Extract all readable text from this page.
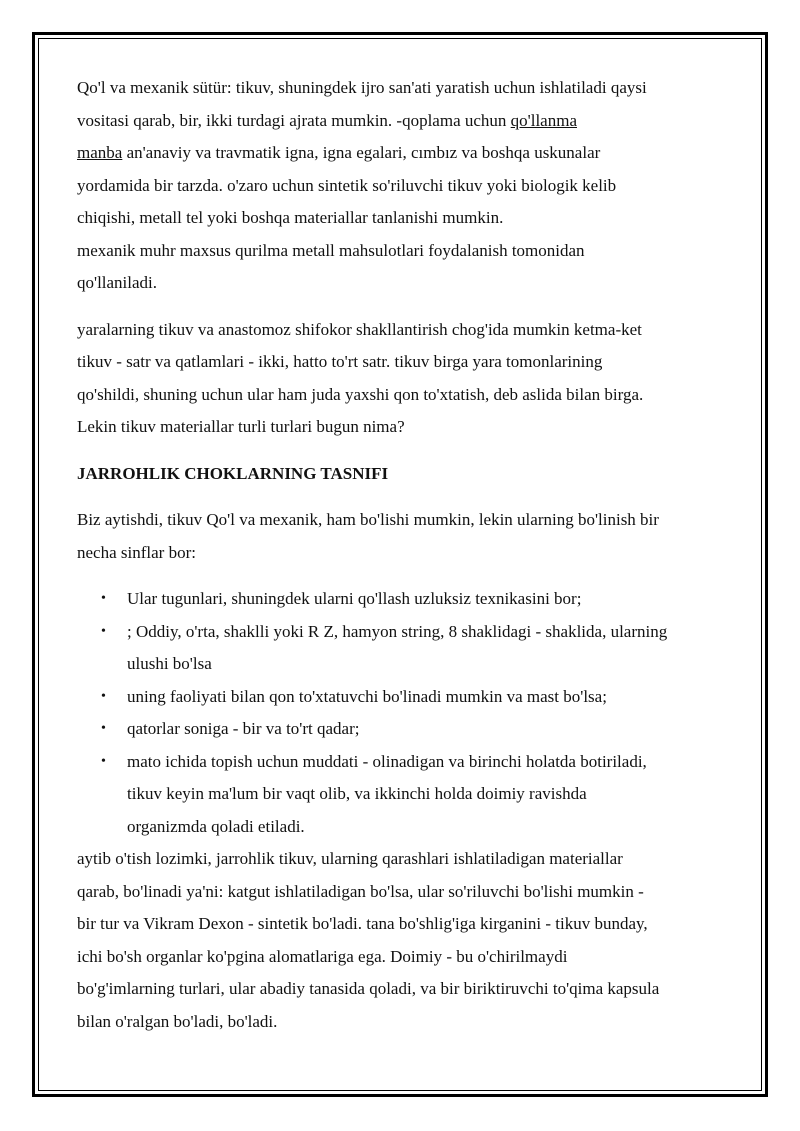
Qo'l va mexanik sütür: tikuv, shuningdek ijro san'ati yaratish uchun ishlatiladi qaysi
vositasi qarab, bir, ikki turdagi ajrata mumkin. -qoplama uchun qo'llanma
manba an'anaviy va travmatik igna, igna egalari, cımbız va boshqa uskunalar
yordamida bir tarzda. o'zaro uchun sintetik so'riluvchi tikuv yoki biologik kelib
chiqishi, metall tel yoki boshqa materiallar tanlanishi mumkin.
mexanik muhr maxsus qurilma metall mahsulotlari foydalanish tomonidan
qo'llaniladi.
yaralarning tikuv va anastomoz shifokor shakllantirish chog'ida mumkin ketma-ket
tikuv - satr va qatlamlari - ikki, hatto to'rt satr. tikuv birga yara tomonlarining
qo'shildi, shuning uchun ular ham juda yaxshi qon to'xtatish, deb aslida bilan birga.
Lekin tikuv materiallar turli turlari bugun nima?
JARROHLIK CHOKLARNING TASNIFI
Biz aytishdi, tikuv Qo'l va mexanik, ham bo'lishi mumkin, lekin ularning bo'linish bir
necha sinflar bor:
• Ular tugunlari, shuningdek ularni qo'llash uzluksiz texnikasini bor;
• ; Oddiy, o'rta, shaklli yoki R Z, hamyon string, 8 shaklidagi - shaklida, ularning
ulushi bo'lsa
• uning faoliyati bilan qon to'xtatuvchi bo'linadi mumkin va mast bo'lsa;
• qatorlar soniga - bir va to'rt qadar;
• mato ichida topish uchun muddati - olinadigan va birinchi holatda botiriladi,
tikuv keyin ma'lum bir vaqt olib, va ikkinchi holda doimiy ravishda
organizmda qoladi etiladi.
aytib o'tish lozimki, jarrohlik tikuv, ularning qarashlari ishlatiladigan materiallar
qarab, bo'linadi ya'ni: katgut ishlatiladigan bo'lsa, ular so'riluvchi bo'lishi mumkin -
bir tur va Vikram Dexon - sintetik bo'ladi. tana bo'shlig'iga kirganini - tikuv bunday,
ichi bo'sh organlar ko'pgina alomatlariga ega. Doimiy - bu o'chirilmaydi
bo'g'imlarning turlari, ular abadiy tanasida qoladi, va bir biriktiruvchi to'qima kapsula
bilan o'ralgan bo'ladi, bo'ladi.
